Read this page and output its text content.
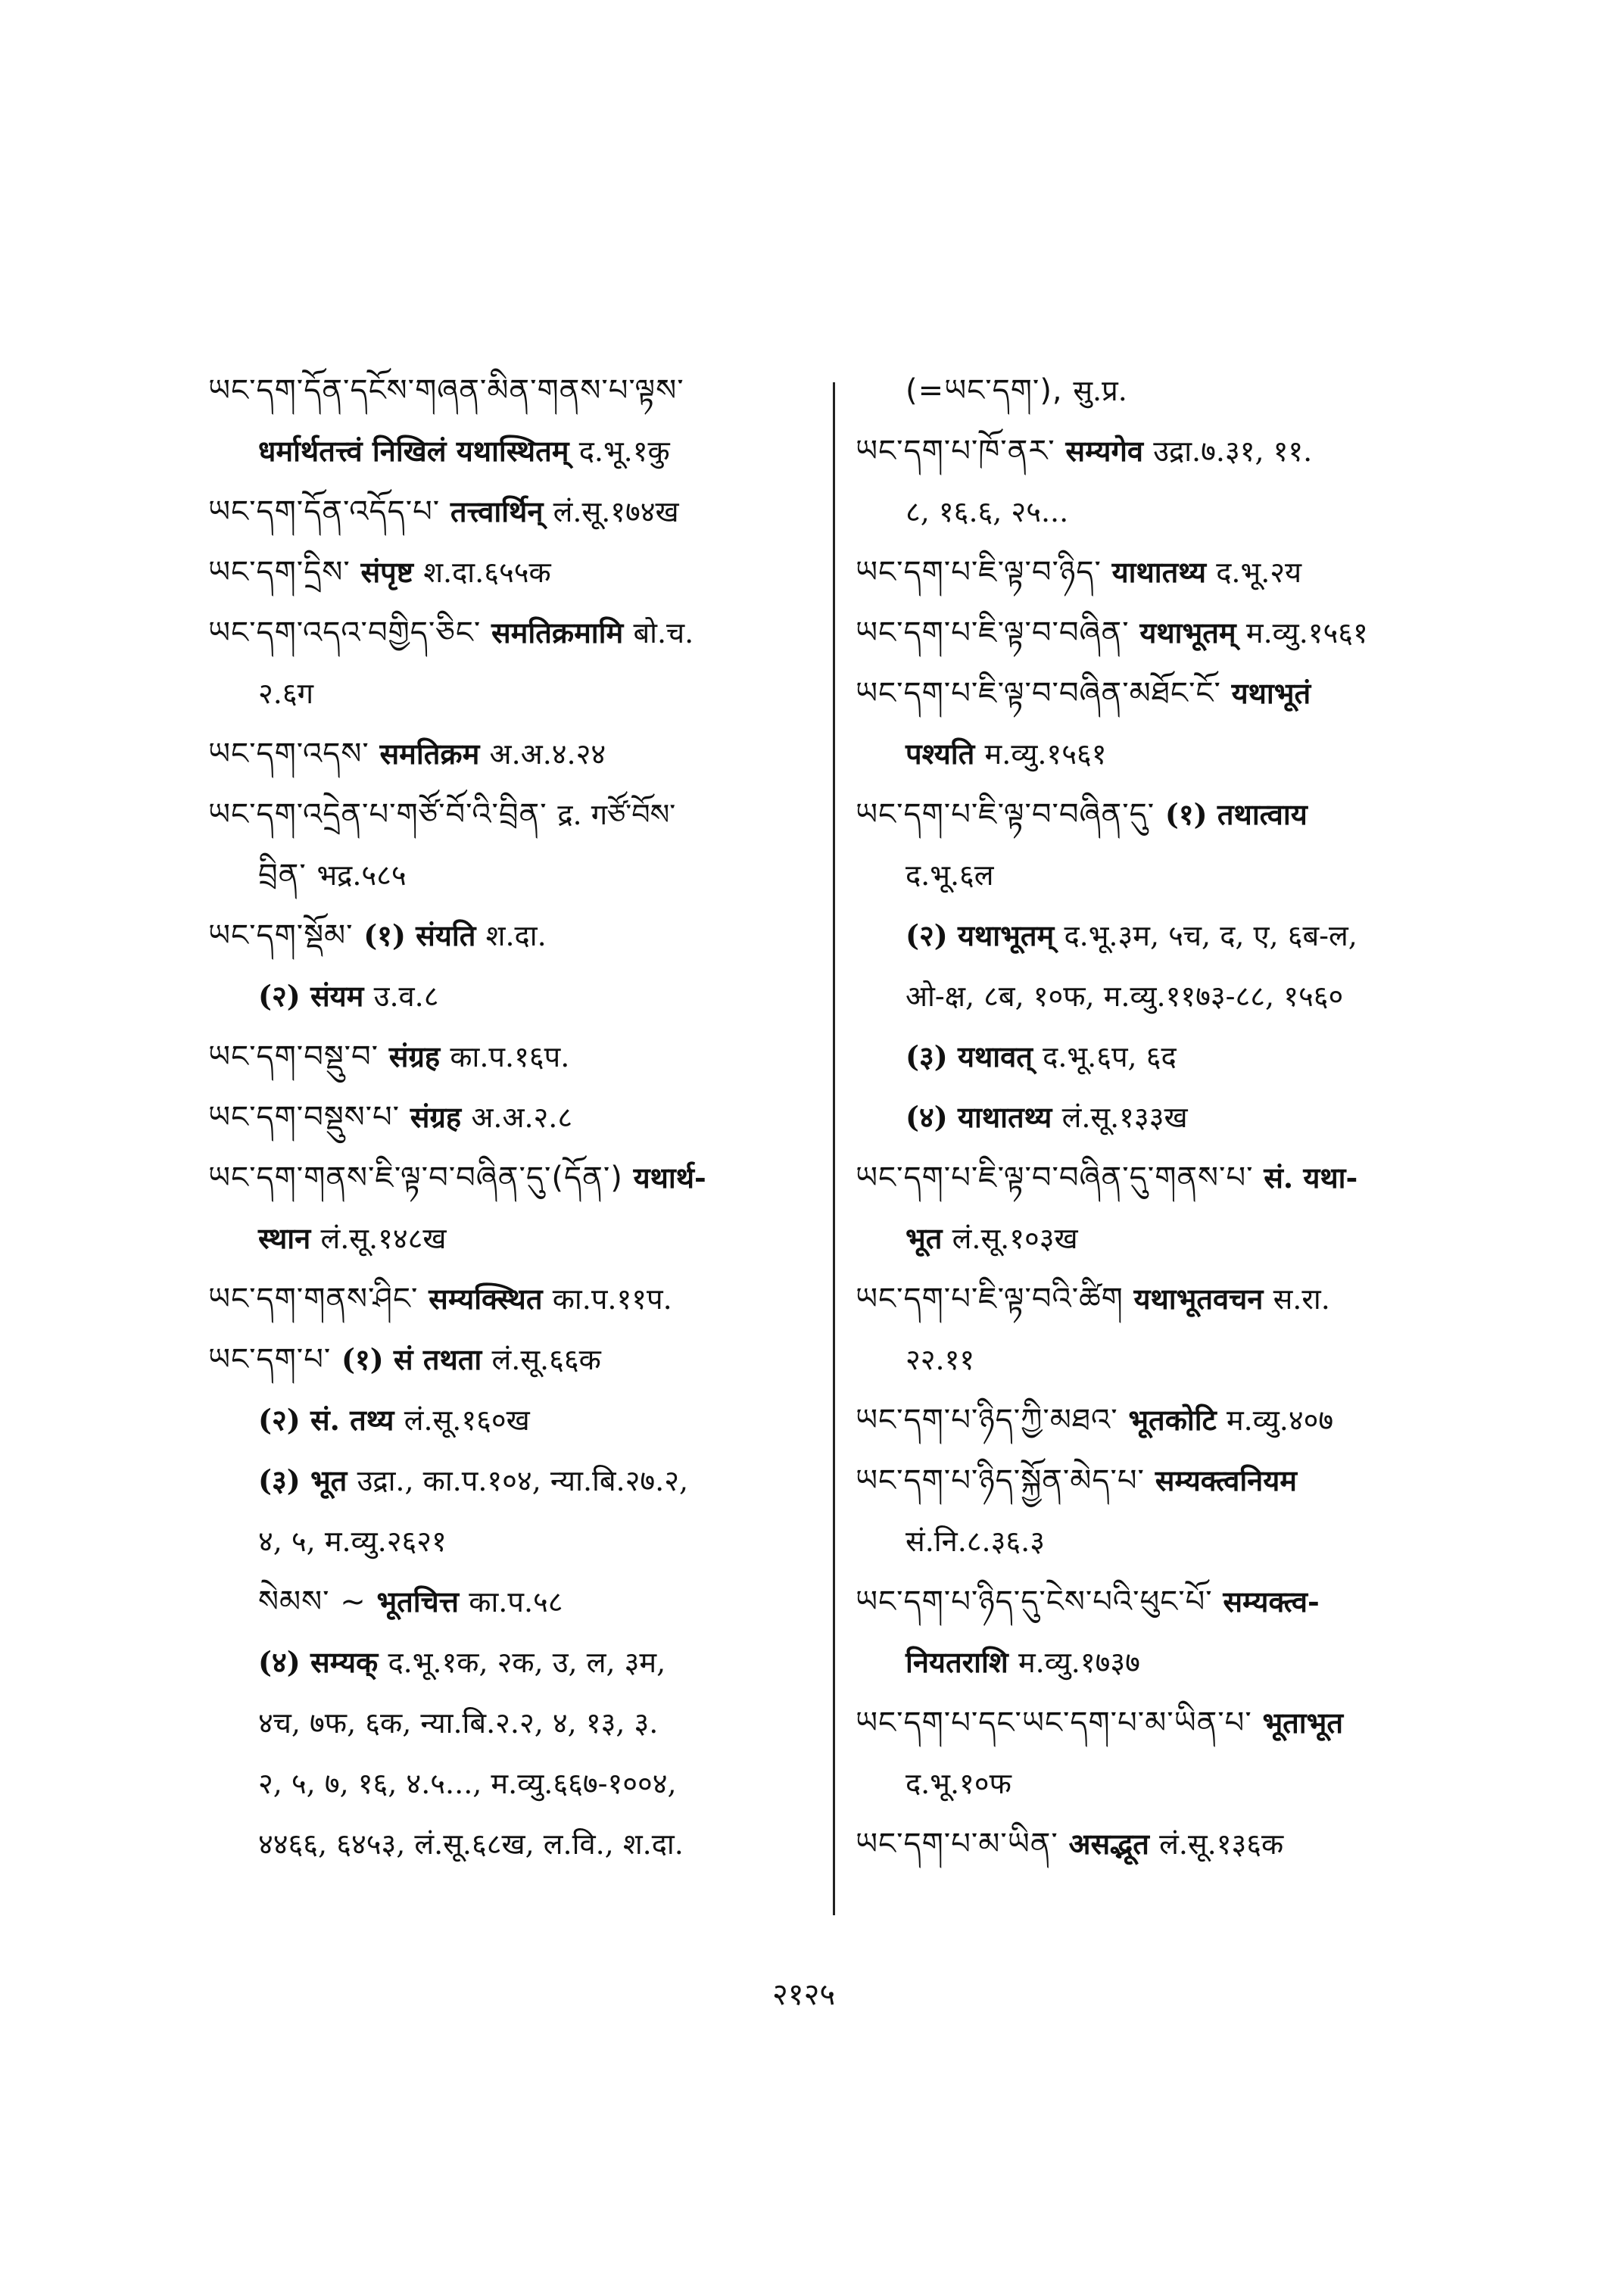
ཡང་དག་དོན་དངོས་གཞན་མིན་གནས་པ་ལྟས་
धर्मार्थतत्त्वं निखिलं यथास्थितम् द.भू.१कु
ཡང་དག་དོན་འདོད་པ་ तत्त्वार्थिन् लं.सू.१७४ख
ཡང་དག་དྲིས་ संपृष्ट श.दा.६५५क
ཡང་དག་འདའ་བགྱིད་ཅིང་ समतिक्रमामि बो.च.
२.६ग
ཡང་དག་འདས་ समतिक्रम अ.अ.४.२४
ཡང་དག་འདྲེན་པ་གཙོ་བོ་འི་བྲིན་ द्र. गཙོ་བོས་
བྲིན་ भद्र.५८५
ཡང་དག་སྡོམ་ (१) संयति श.दा.
(२) संयम उ.व.८
ཡང་དག་བསྡུ་བ་ संग्रह का.प.१६प.
ཡང་དག་བསྡུས་པ་ संग्रह अ.अ.२.८
ཡང་དག་གནས་ཇི་ལྟ་བ་བཞིན་དུ་(དོན་) यथार्थ-
स्थान लं.सू.१४८ख
ཡང་དག་གནས་ཤིང་ सम्यक्स्थित का.प.११प.
ཡང་དག་པ་ (१) सं तथता लं.सू.६६क
(२) सं. तथ्य लं.सू.१६०ख
(३) भूत उद्रा., का.प.१०४, न्या.बि.२७.२,
४, ५, म.व्यु.२६२१
སེམས་ ~ भूतचित्त का.प.५८
(४) सम्यक् द.भू.१क, २क, उ, ल, ३म,
४च, ७फ, ६क, न्या.बि.२.२, ४, १३, ३.
२, ५, ७, १६, ४.५..., म.व्यु.६६७-१००४,
४४६६, ६४५३, लं.सू.६८ख, ल.वि., श.दा.
(=ཡང་དག་), सु.प्र.
ཡང་དག་པ་ཁོ་ནར་ सम्यगेव उद्रा.७.३१, ११.
८, १६.६, २५...
ཡང་དག་པ་ཇི་ལྟ་བ་ཉིད་ याथातथ्य द.भू.२य
ཡང་དག་པ་ཇི་ལྟ་བ་བཞིན་ यथाभूतम् म.व्यु.१५६१
ཡང་དག་པ་ཇི་ལྟ་བ་བཞིན་མཐོང་ངོ་ यथाभूतं
पश्यति म.व्यु.१५६१
ཡང་དག་པ་ཇི་ལྟ་བ་བཞིན་དུ་ (१) तथात्वाय
द.भू.६ल
(२) यथाभूतम् द.भू.३म, ५च, द, ए, ६ब-ल,
ओ-क्ष, ८ब, १०फ, म.व्यु.११७३-८८, १५६०
(३) यथावत् द.भू.६प, ६द
(४) याथातथ्य लं.सू.१३३ख
ཡང་དག་པ་ཇི་ལྟ་བ་བཞིན་དུ་གནས་པ་ सं. यथा-
भूत लं.सू.१०३ख
ཡང་དག་པ་ཇི་ལྟ་བའི་ཚིག यथाभूतवचन स.रा.
२२.११
ཡང་དག་པ་ཉིད་ཀྱི་མཐའ་ भूतकोटि म.व्यु.४०७
ཡང་དག་པ་ཉིད་སྐྱོན་མེད་པ་ सम्यक्त्वनियम
सं.नि.८.३६.३
ཡང་དག་པ་ཉིད་དུ་ངེས་པའི་ཕུང་པོ་ सम्यक्त्व-
नियतराशि म.व्यु.१७३७
ཡང་དག་པ་དང་ཡང་དག་པ་མ་ཡིན་པ་ भूताभूत
द.भू.१०फ
ཡང་དག་པ་མ་ཡིན་ असद्भूत लं.सू.१३६क
२१२५
